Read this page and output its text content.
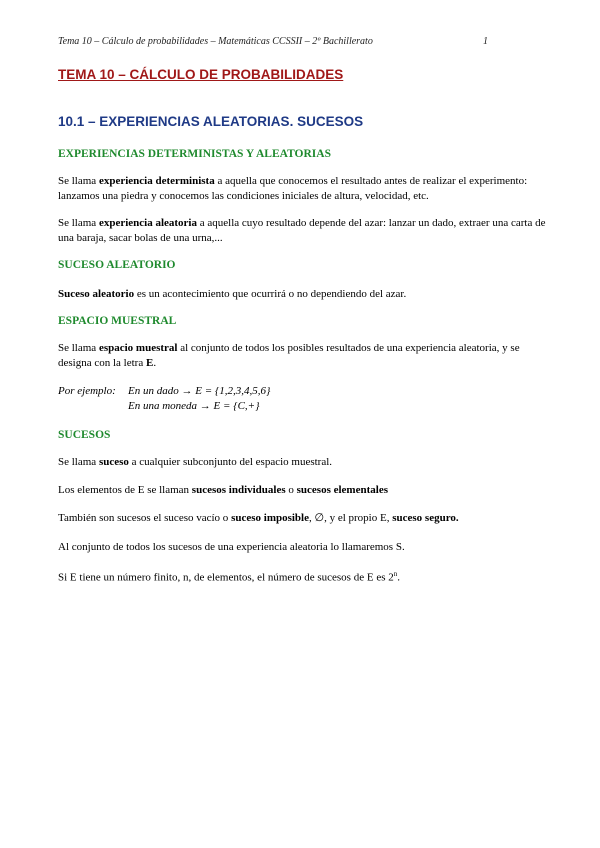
Tema 10 – Cálculo de probabilidades – Matemáticas CCSSII – 2º Bachillerato	1
TEMA 10 – CÁLCULO DE PROBABILIDADES
10.1 – EXPERIENCIAS ALEATORIAS. SUCESOS
EXPERIENCIAS DETERMINISTAS Y ALEATORIAS
Se llama experiencia determinista a aquella que conocemos el resultado antes de realizar el experimento: lanzamos una piedra y conocemos las condiciones iniciales de altura, velocidad, etc.
Se llama experiencia aleatoria a aquella cuyo resultado depende del azar: lanzar un dado, extraer una carta de una baraja, sacar bolas de una urna,...
SUCESO ALEATORIO
Suceso aleatorio es un acontecimiento que ocurrirá o no dependiendo del azar.
ESPACIO MUESTRAL
Se llama espacio muestral al conjunto de todos los posibles resultados de una experiencia aleatoria, y se designa con la letra E.
Por ejemplo: En un dado → E = {1,2,3,4,5,6}
En una moneda → E = {C,+}
SUCESOS
Se llama suceso a cualquier subconjunto del espacio muestral.
Los elementos de E se llaman sucesos individuales o sucesos elementales
También son sucesos el suceso vacío o suceso imposible, ∅, y el propio E, suceso seguro.
Al conjunto de todos los sucesos de una experiencia aleatoria lo llamaremos S.
Si E tiene un número finito, n, de elementos, el número de sucesos de E es 2$^n$.
